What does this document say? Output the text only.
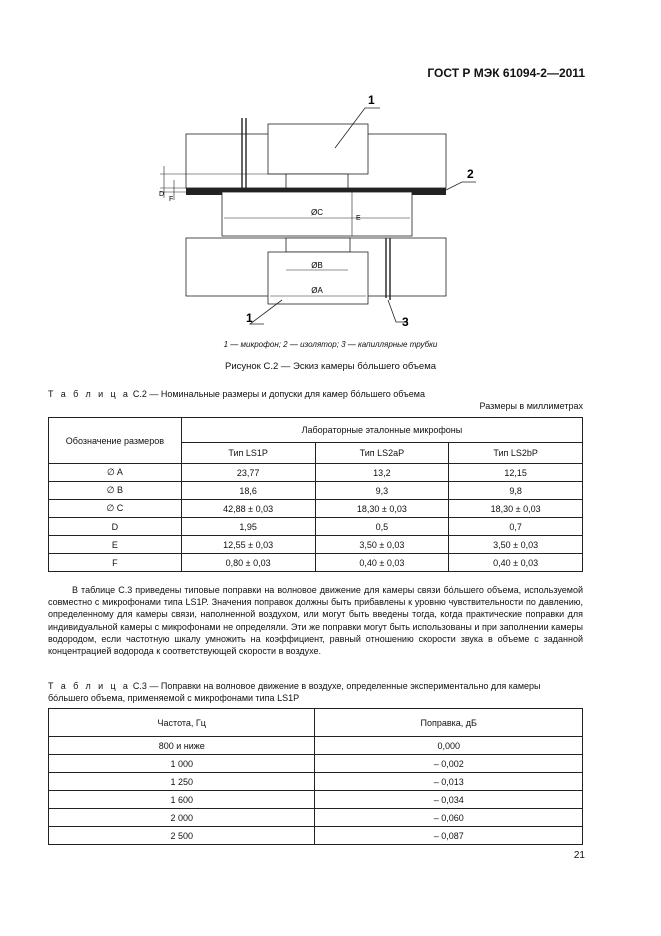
ГОСТ Р МЭК 61094-2—2011
ØC
ØB
ØA
D
F
E
1
2
1	3
1 — микрофон; 2 — изолятор; 3 — капиллярные трубки
Рисунок С.2 — Эскиз камеры бо́льшего объема
Т а б л и ц а С.2 — Номинальные размеры и допуски для камер бо́льшего объема
Размеры в миллиметрах
Обозначение размеров	Лабораторные эталонные микрофоны		
	Тип LS1P	Тип LS2aP	Тип LS2bP
∅ A	23,77	13,2	12,15
∅ B	18,6	9,3	9,8
∅ C	42,88 ± 0,03	18,30 ± 0,03	18,30 ± 0,03
D	1,95	0,5	0,7
E	12,55 ± 0,03	3,50 ± 0,03	3,50 ± 0,03
F	0,80 ± 0,03	0,40 ± 0,03	0,40 ± 0,03

В таблице С.3 приведены типовые поправки на волновое движение для камеры связи бо́льшего объема, используемой совместно с микрофонами типа LS1P. Значения поправок должны быть прибавлены к уровню чувствительности по давлению, определенному для камеры связи, наполненной воздухом, или могут быть введены тогда, когда практические поправки для индивидуальной камеры с микрофонами не определяли. Эти же поправки могут быть использованы и при заполнении камеры водородом, если частотную шкалу умножить на коэффициент, равный отношению скорости звука в объеме с заданной концентрацией водорода к соответствующей скорости в воздухе.

Т а б л и ц а С.3 — Поправки на волновое движение в воздухе, определенные экспериментально для камеры бо́льшего объема, применяемой с микрофонами типа LS1P
Частота, Гц	Поправка, дБ
800 и ниже	0,000
1 000	– 0,002
1 250	– 0,013
1 600	– 0,034
2 000	– 0,060
2 500	– 0,087
21
